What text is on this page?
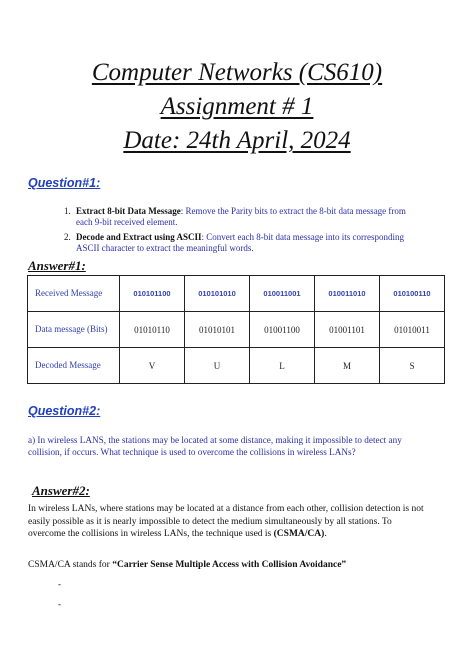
Computer Networks (CS610)
Assignment # 1
Date: 24th April, 2024
Question#1:
1. Extract 8-bit Data Message: Remove the Parity bits to extract the 8-bit data message from each 9-bit received element.
2. Decode and Extract using ASCII: Convert each 8-bit data message into its corresponding ASCII character to extract the meaningful words.
Answer#1:
Received Message	010101100	010101010	010011001	010011010	010100110
Data message (Bits)	01010110	01010101	01001100	01001101	01010011
Decoded Message	V	U	L	M	S
Question#2:
a) In wireless LANS, the stations may be located at some distance, making it impossible to detect any collision, if occurs. What technique is used to overcome the collisions in wireless LANs?
Answer#2:
In wireless LANs, where stations may be located at a distance from each other, collision detection is not easily possible as it is nearly impossible to detect the medium simultaneously by all stations. To overcome the collisions in wireless LANs, the technique used is (CSMA/CA).
CSMA/CA stands for “Carrier Sense Multiple Access with Collision Avoidance”
-
-
